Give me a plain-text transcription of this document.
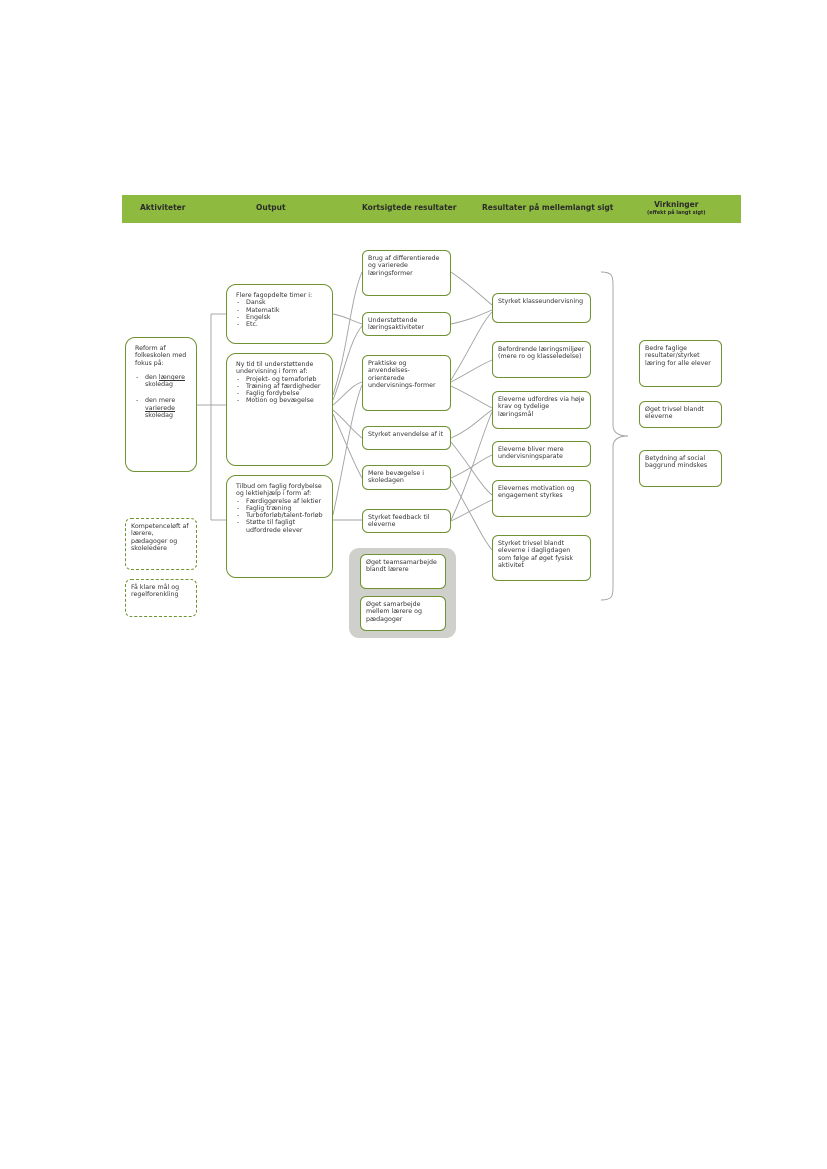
Aktiviteter	Output	Kortsigtede resultater	Resultater på mellemlangt sigt	Virkninger
(effekt på langt sigt)

Reform af folkeskolen med fokus på:

- den længere skoledag
- den mere varierede skoledag

Kompetenceløft af lærere, pædagoger og skoleledere

Få klare mål og regelforenkling

Flere fagopdelte timer i:

- Dansk
- Matematik
- Engelsk
- Etc.

Ny tid til understøttende undervisning i form af:

- Projekt- og temaforløb
- Træning af færdigheder
- Faglig fordybelse
- Motion og bevægelse

Tilbud om faglig fordybelse og lektiehjælp i form af:

- Færdiggørelse af lektier
- Faglig træning
- Turboforløb/talent-forløb
- Støtte til fagligt udfordrede elever

Brug af differentierede og varierede læringsformer

Understøttende læringsaktiviteter

Praktiske og anvendelses-orienterede undervisnings-former

Styrket anvendelse af it

Mere bevægelse i skoledagen

Styrket feedback til eleverne

Øget teamsamarbejde blandt lærere

Øget samarbejde mellem lærere og pædagoger

Styrket klasseundervisning

Befordrende læringsmiljøer (mere ro og klasseledelse)

Eleverne udfordres via høje krav og tydelige læringsmål

Eleverne bliver mere undervisningsparate

Elevernes motivation og engagement styrkes

Styrket trivsel blandt eleverne i dagligdagen som følge af øget fysisk aktivitet

Bedre faglige resultater/styrket læring for alle elever

Øget trivsel blandt eleverne

Betydning af social baggrund mindskes
